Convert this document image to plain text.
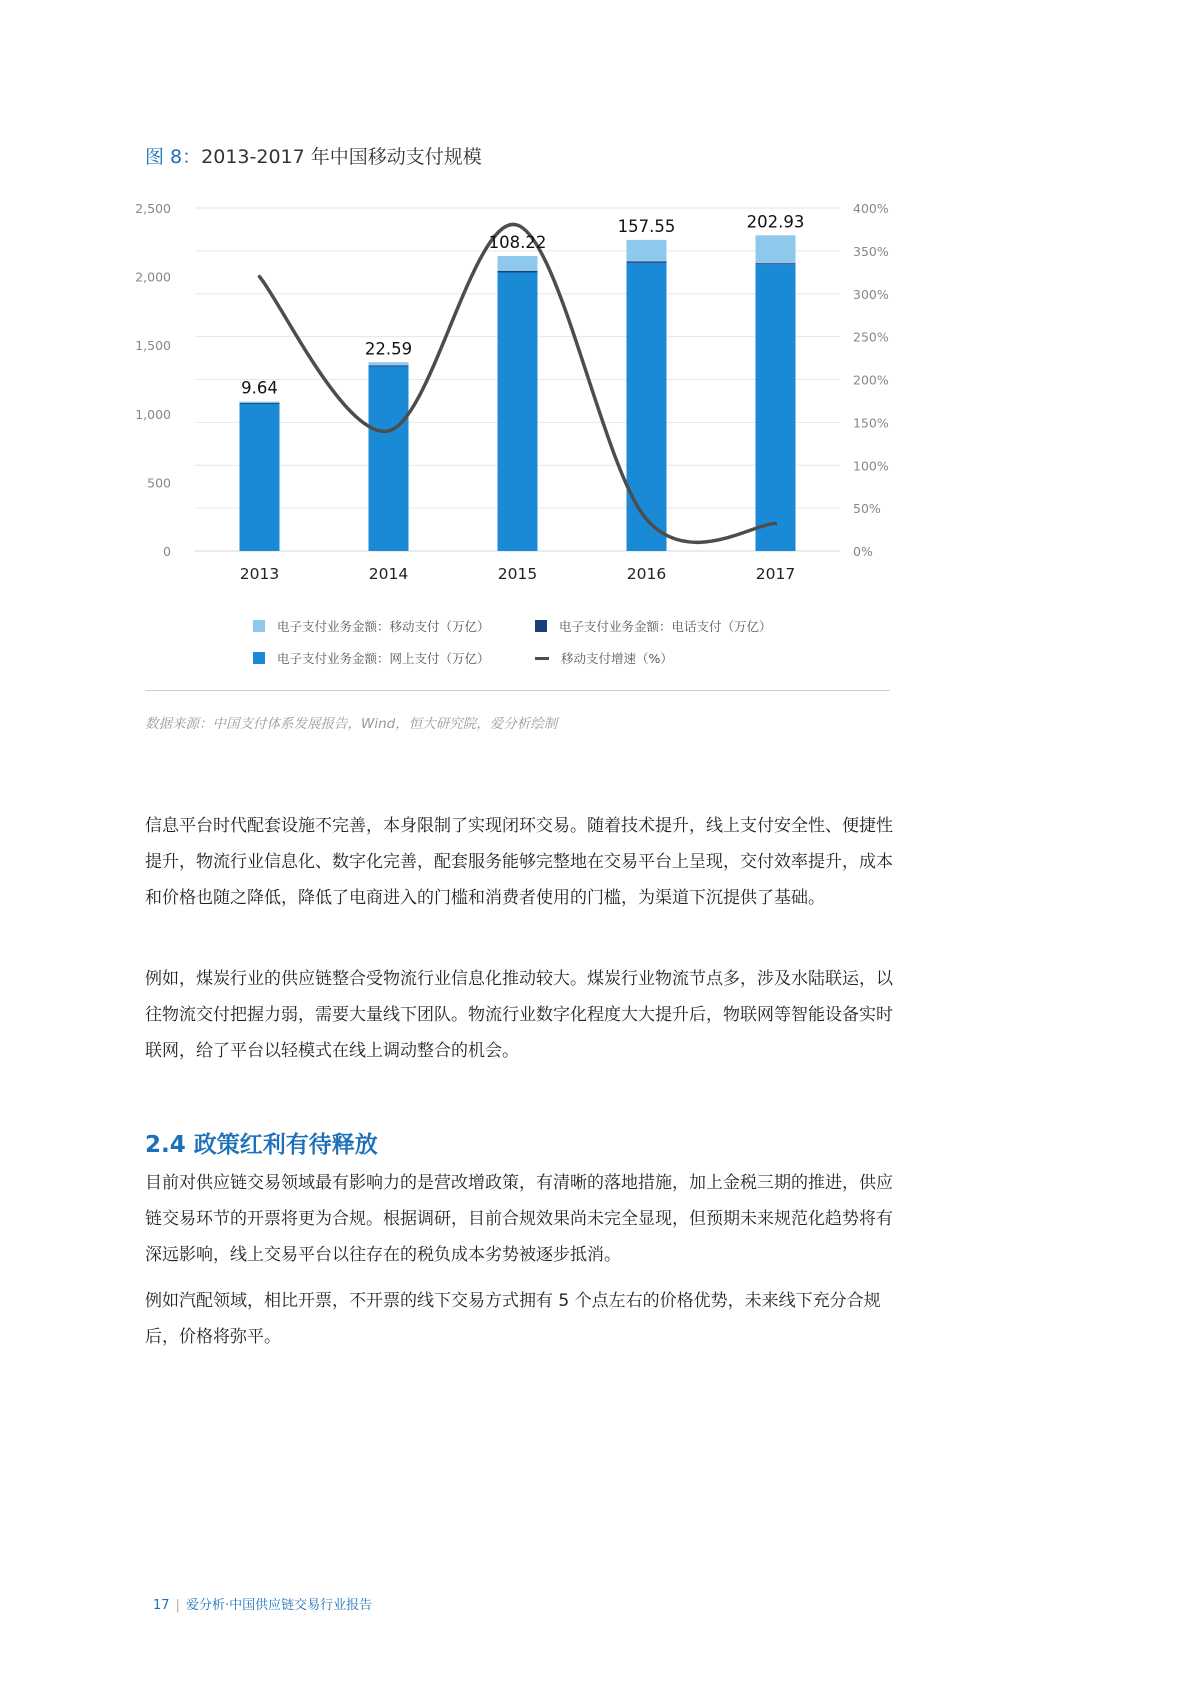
图 8：2013-2017 年中国移动支付规模
0%
50%
100%
150%
200%
250%
300%
350%
400%
0
500
1,000
1,500
2,000
2,500
2013	2014	2015	2016	2017
9.64
22.59
108.22
157.55	202.93
电子支付业务金额：移动支付（万亿）	电子支付业务金额：电话支付（万亿）
电子支付业务金额：网上支付（万亿）	移动支付增速（%）
数据来源：中国支付体系发展报告，Wind，恒大研究院，爱分析绘制

信息平台时代配套设施不完善，本身限制了实现闭环交易。随着技术提升，线上支付安全性、便捷性提升，物流行业信息化、数字化完善，配套服务能够完整地在交易平台上呈现，交付效率提升，成本和价格也随之降低，降低了电商进入的门槛和消费者使用的门槛，为渠道下沉提供了基础。

例如，煤炭行业的供应链整合受物流行业信息化推动较大。煤炭行业物流节点多，涉及水陆联运，以往物流交付把握力弱，需要大量线下团队。物流行业数字化程度大大提升后，物联网等智能设备实时联网，给了平台以轻模式在线上调动整合的机会。

2.4 政策红利有待释放

目前对供应链交易领域最有影响力的是营改增政策，有清晰的落地措施，加上金税三期的推进，供应链交易环节的开票将更为合规。根据调研，目前合规效果尚未完全显现，但预期未来规范化趋势将有深远影响，线上交易平台以往存在的税负成本劣势被逐步抵消。

例如汽配领域，相比开票，不开票的线下交易方式拥有 5 个点左右的价格优势，未来线下充分合规后，价格将弥平。

17 | 爱分析·中国供应链交易行业报告
